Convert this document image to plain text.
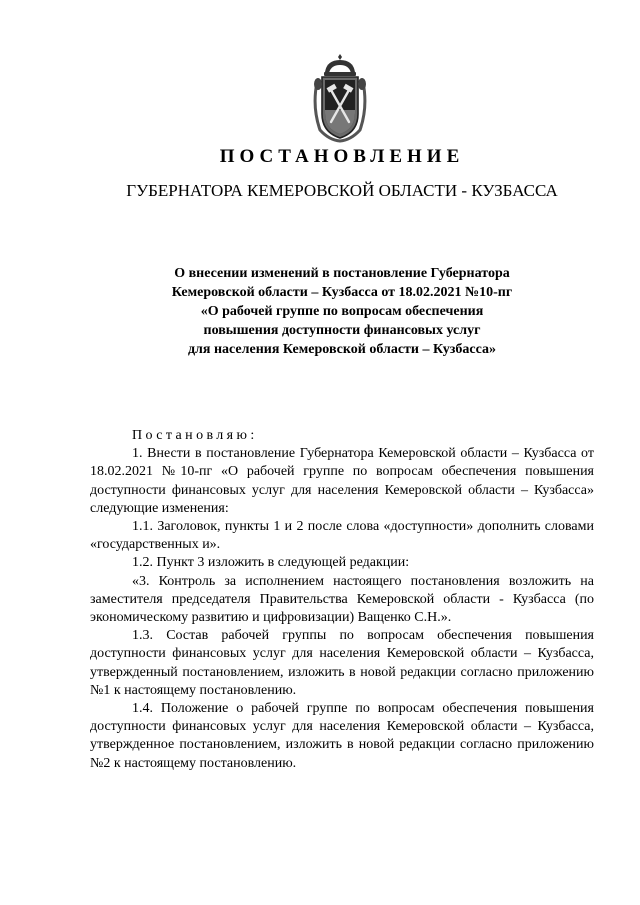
ПОСТАНОВЛЕНИЕ
ГУБЕРНАТОРА КЕМЕРОВСКОЙ ОБЛАСТИ - КУЗБАССА
О внесении изменений в постановление Губернатора
Кемеровской области – Кузбасса от 18.02.2021 №10-пг
«О рабочей группе по вопросам обеспечения
повышения доступности финансовых услуг
для населения Кемеровской области – Кузбасса»

Постановляю:

1. Внести в постановление Губернатора Кемеровской области – Кузбасса от 18.02.2021 №10-пг «О рабочей группе по вопросам обеспечения повышения доступности финансовых услуг для населения Кемеровской области – Кузбасса» следующие изменения:

1.1. Заголовок, пункты 1 и 2 после слова «доступности» дополнить словами «государственных и».

1.2. Пункт 3 изложить в следующей редакции:

«3. Контроль за исполнением настоящего постановления возложить на заместителя председателя Правительства Кемеровской области - Кузбасса (по экономическому развитию и цифровизации) Ващенко С.Н.».

1.3. Состав рабочей группы по вопросам обеспечения повышения доступности финансовых услуг для населения Кемеровской области – Кузбасса, утвержденный постановлением, изложить в новой редакции согласно приложению №1 к настоящему постановлению.

1.4. Положение о рабочей группе по вопросам обеспечения повышения доступности финансовых услуг для населения Кемеровской области – Кузбасса, утвержденное постановлением, изложить в новой редакции согласно приложению №2 к настоящему постановлению.
